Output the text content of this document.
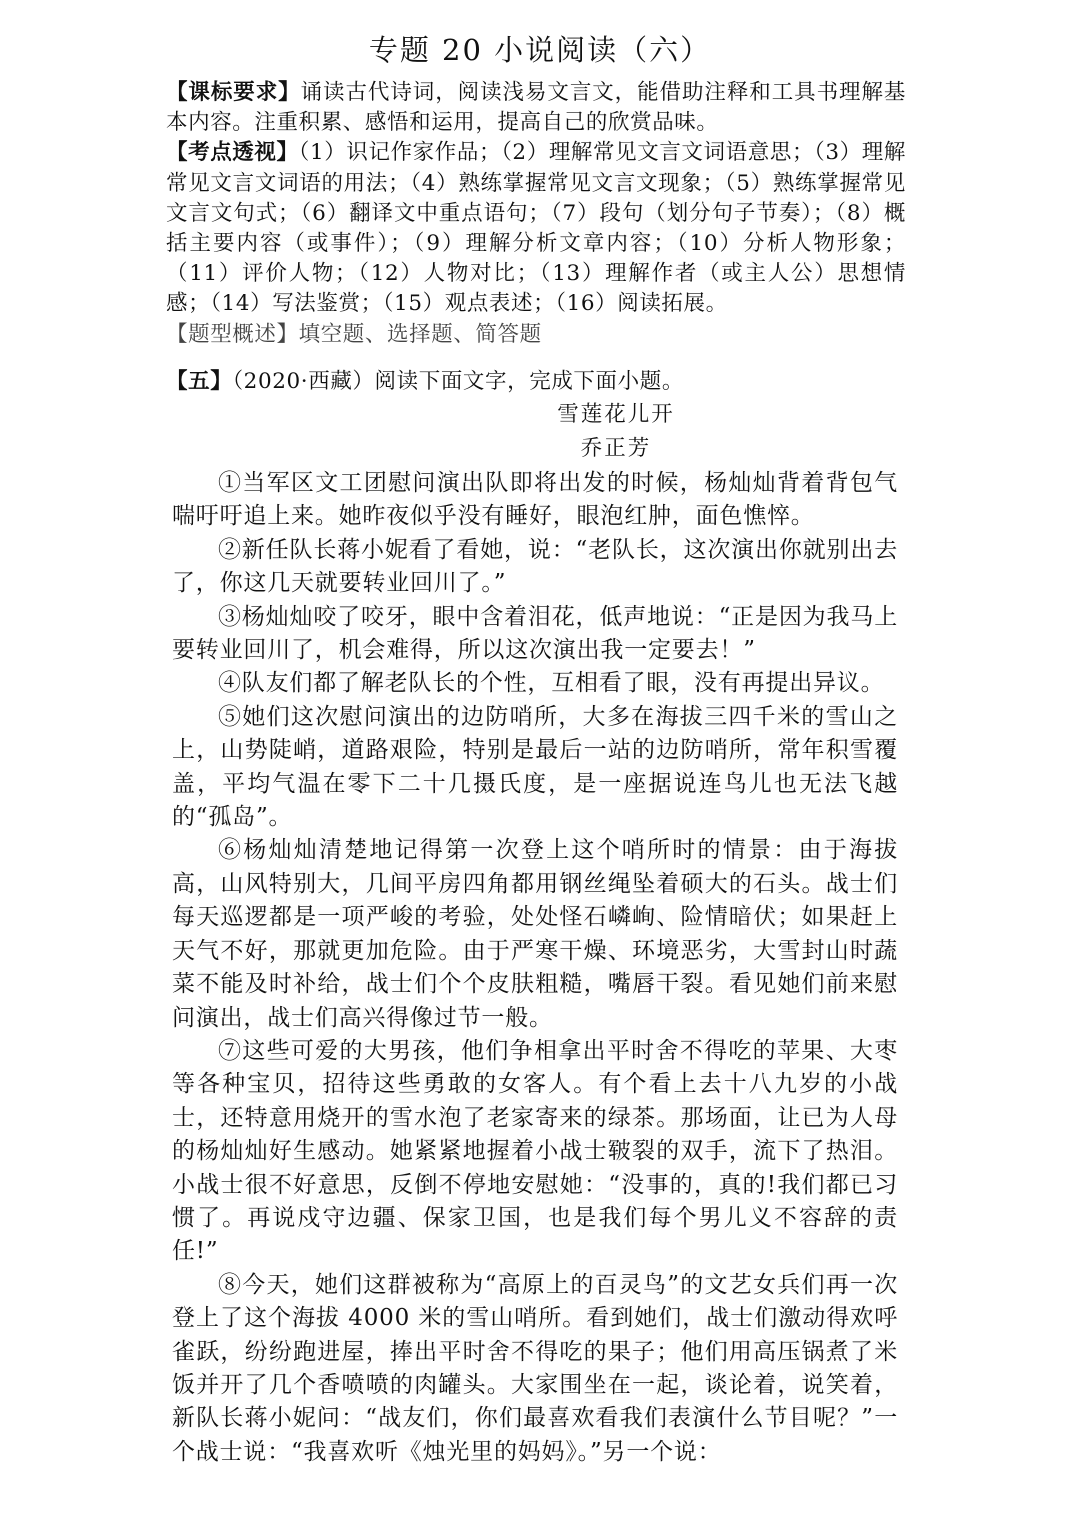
专题 20 小说阅读（六）
【课标要求】诵读古代诗词，阅读浅易文言文，能借助注释和工具书理解基本内容。注重积累、感悟和运用，提高自己的欣赏品味。
【考点透视】（1）识记作家作品；（2）理解常见文言文词语意思；（3）理解常见文言文词语的用法；（4）熟练掌握常见文言文现象；（5）熟练掌握常见文言文句式；（6）翻译文中重点语句；（7）段句（划分句子节奏）；（8）概括主要内容（或事件）；（9）理解分析文章内容；（10）分析人物形象；（11）评价人物；（12）人物对比；（13）理解作者（或主人公）思想情感；（14）写法鉴赏；（15）观点表述；（16）阅读拓展。
【题型概述】填空题、选择题、简答题
【五】（2020·西藏）阅读下面文字，完成下面小题。
雪莲花儿开
乔正芳

①当军区文工团慰问演出队即将出发的时候，杨灿灿背着背包气喘吁吁追上来。她昨夜似乎没有睡好，眼泡红肿，面色憔悴。

②新任队长蒋小妮看了看她，说：“老队长，这次演出你就别出去了，你这几天就要转业回川了。”

③杨灿灿咬了咬牙，眼中含着泪花，低声地说：“正是因为我马上要转业回川了，机会难得，所以这次演出我一定要去！”

④队友们都了解老队长的个性，互相看了眼，没有再提出异议。

⑤她们这次慰问演出的边防哨所，大多在海拔三四千米的雪山之上，山势陡峭，道路艰险，特别是最后一站的边防哨所，常年积雪覆盖，平均气温在零下二十几摄氏度，是一座据说连鸟儿也无法飞越的“孤岛”。

⑥杨灿灿清楚地记得第一次登上这个哨所时的情景：由于海拔高，山风特别大，几间平房四角都用钢丝绳坠着硕大的石头。战士们每天巡逻都是一项严峻的考验，处处怪石嶙峋、险情暗伏；如果赶上天气不好，那就更加危险。由于严寒干燥、环境恶劣，大雪封山时蔬菜不能及时补给，战士们个个皮肤粗糙，嘴唇干裂。看见她们前来慰问演出，战士们高兴得像过节一般。

⑦这些可爱的大男孩，他们争相拿出平时舍不得吃的苹果、大枣等各种宝贝，招待这些勇敢的女客人。有个看上去十八九岁的小战士，还特意用烧开的雪水泡了老家寄来的绿茶。那场面，让已为人母的杨灿灿好生感动。她紧紧地握着小战士皲裂的双手，流下了热泪。小战士很不好意思，反倒不停地安慰她：“没事的，真的!我们都已习惯了。再说戍守边疆、保家卫国，也是我们每个男儿义不容辞的责任!”

⑧今天，她们这群被称为“高原上的百灵鸟”的文艺女兵们再一次登上了这个海拔 4000 米的雪山哨所。看到她们，战士们激动得欢呼雀跃，纷纷跑进屋，捧出平时舍不得吃的果子；他们用高压锅煮了米饭并开了几个香喷喷的肉罐头。大家围坐在一起，谈论着，说笑着，新队长蒋小妮问：“战友们，你们最喜欢看我们表演什么节目呢？”一个战士说：“我喜欢听《烛光里的妈妈》。”另一个说：
